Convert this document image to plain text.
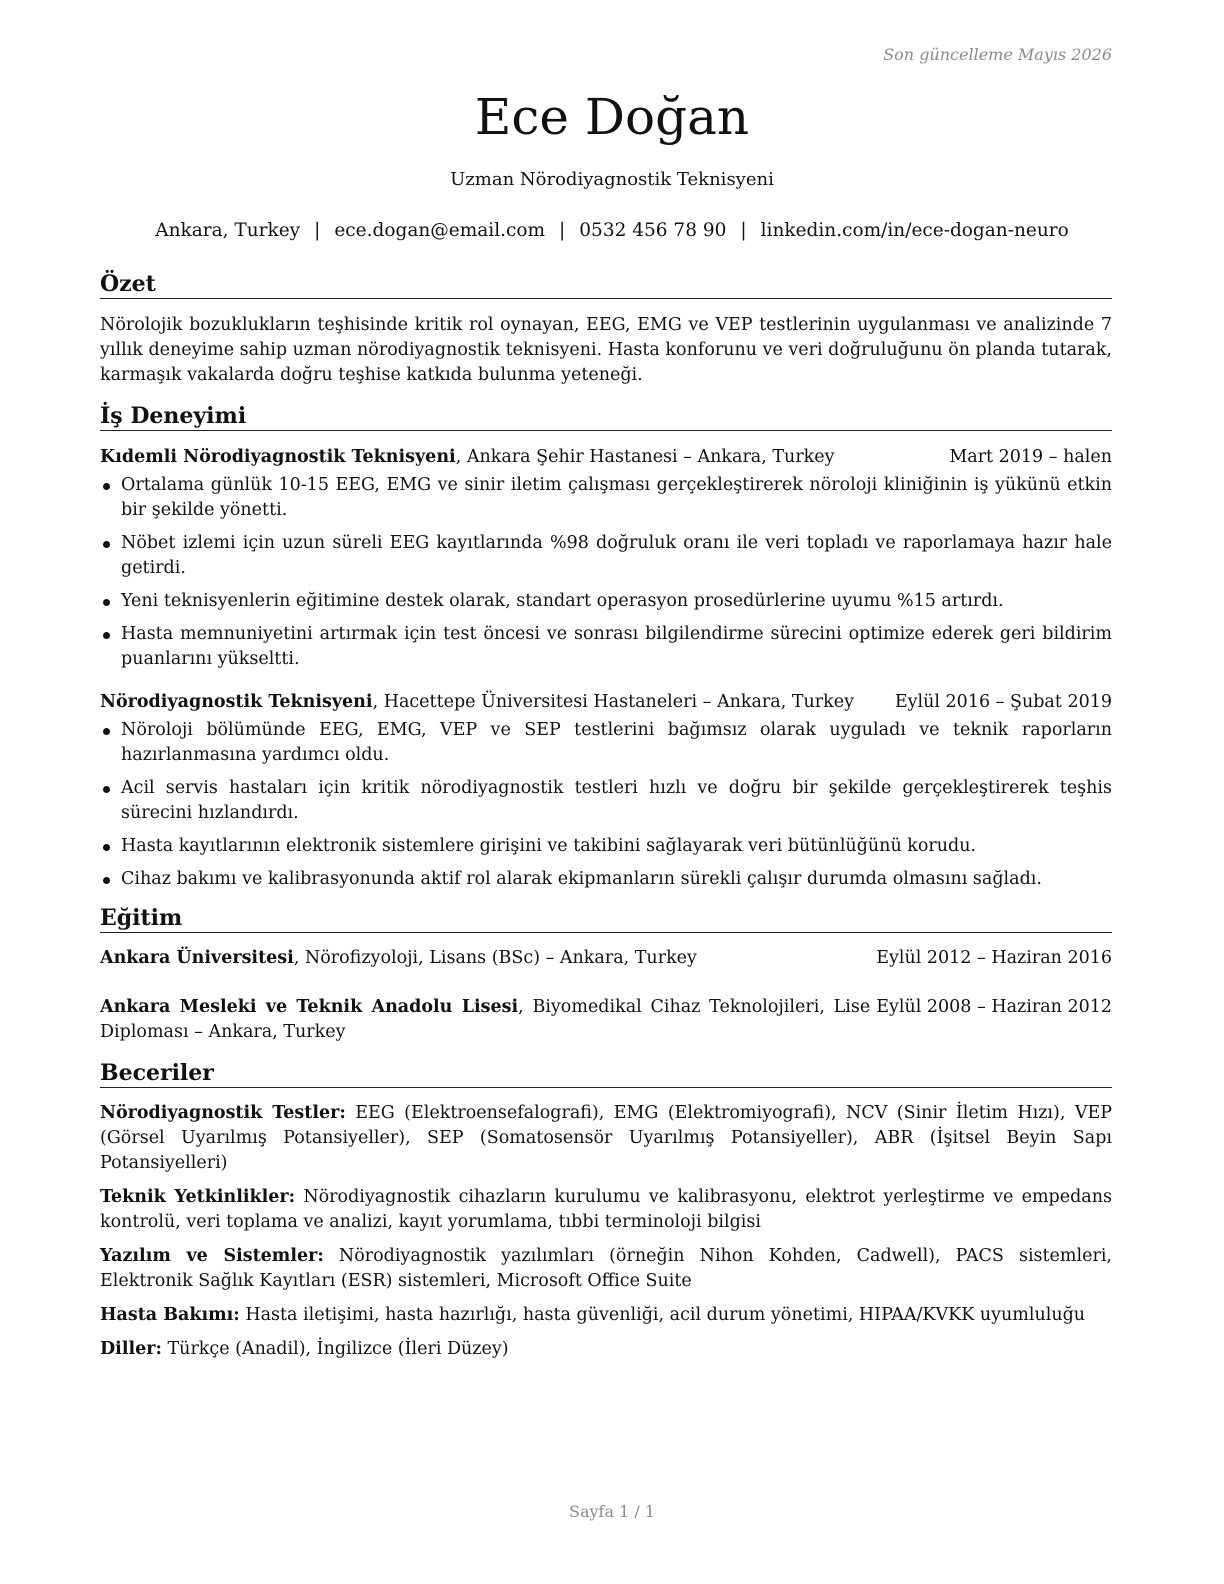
Son güncelleme Mayıs 2026
Ece Doğan
Uzman Nörodiyagnostik Teknisyeni
Ankara, Turkey | ece.dogan@email.com | 0532 456 78 90 | linkedin.com/in/ece-dogan-neuro
Özet

Nörolojik bozuklukların teşhisinde kritik rol oynayan, EEG, EMG ve VEP testlerinin uygulanması ve analizinde 7 yıllık deneyime sahip uzman nörodiyagnostik teknisyeni. Hasta konforunu ve veri doğruluğunu ön planda tutarak, karmaşık vakalarda doğru teşhise katkıda bulunma yeteneği.

İş Deneyimi
Kıdemli Nörodiyagnostik Teknisyeni, Ankara Şehir Hastanesi – Ankara, Turkey	Mart 2019 – halen
Ortalama günlük 10-15 EEG, EMG ve sinir iletim çalışması gerçekleştirerek nöroloji kliniğinin iş yükünü etkin bir şekilde yönetti.
Nöbet izlemi için uzun süreli EEG kayıtlarında %98 doğruluk oranı ile veri topladı ve raporlamaya hazır hale getirdi.
Yeni teknisyenlerin eğitimine destek olarak, standart operasyon prosedürlerine uyumu %15 artırdı.
Hasta memnuniyetini artırmak için test öncesi ve sonrası bilgilendirme sürecini optimize ederek geri bildirim puanlarını yükseltti.
Nörodiyagnostik Teknisyeni, Hacettepe Üniversitesi Hastaneleri – Ankara, Turkey Eylül 2016 – Şubat 2019
Nöroloji bölümünde EEG, EMG, VEP ve SEP testlerini bağımsız olarak uyguladı ve teknik raporların hazırlanmasına yardımcı oldu.
Acil servis hastaları için kritik nörodiyagnostik testleri hızlı ve doğru bir şekilde gerçekleştirerek teşhis sürecini hızlandırdı.
Hasta kayıtlarının elektronik sistemlere girişini ve takibini sağlayarak veri bütünlüğünü korudu.
Cihaz bakımı ve kalibrasyonunda aktif rol alarak ekipmanların sürekli çalışır durumda olmasını sağladı.
Eğitim
Ankara Üniversitesi, Nörofizyoloji, Lisans (BSc) – Ankara, Turkey	Eylül 2012 – Haziran 2016
Ankara Mesleki ve Teknik Anadolu Lisesi, Biyomedikal Cihaz Teknolojileri, Lise Diploması – Ankara, Turkey
Eylül 2008 – Haziran 2012
Beceriler

Nörodiyagnostik Testler: EEG (Elektroensefalografi), EMG (Elektromiyografi), NCV (Sinir İletim Hızı), VEP (Görsel Uyarılmış Potansiyeller), SEP (Somatosensör Uyarılmış Potansiyeller), ABR (İşitsel Beyin Sapı Potansiyelleri)

Teknik Yetkinlikler: Nörodiyagnostik cihazların kurulumu ve kalibrasyonu, elektrot yerleştirme ve empedans kontrolü, veri toplama ve analizi, kayıt yorumlama, tıbbi terminoloji bilgisi

Yazılım ve Sistemler: Nörodiyagnostik yazılımları (örneğin Nihon Kohden, Cadwell), PACS sistemleri, Elektronik Sağlık Kayıtları (ESR) sistemleri, Microsoft Office Suite

Hasta Bakımı: Hasta iletişimi, hasta hazırlığı, hasta güvenliği, acil durum yönetimi, HIPAA/KVKK uyumluluğu

Diller: Türkçe (Anadil), İngilizce (İleri Düzey)

Sayfa 1 / 1
